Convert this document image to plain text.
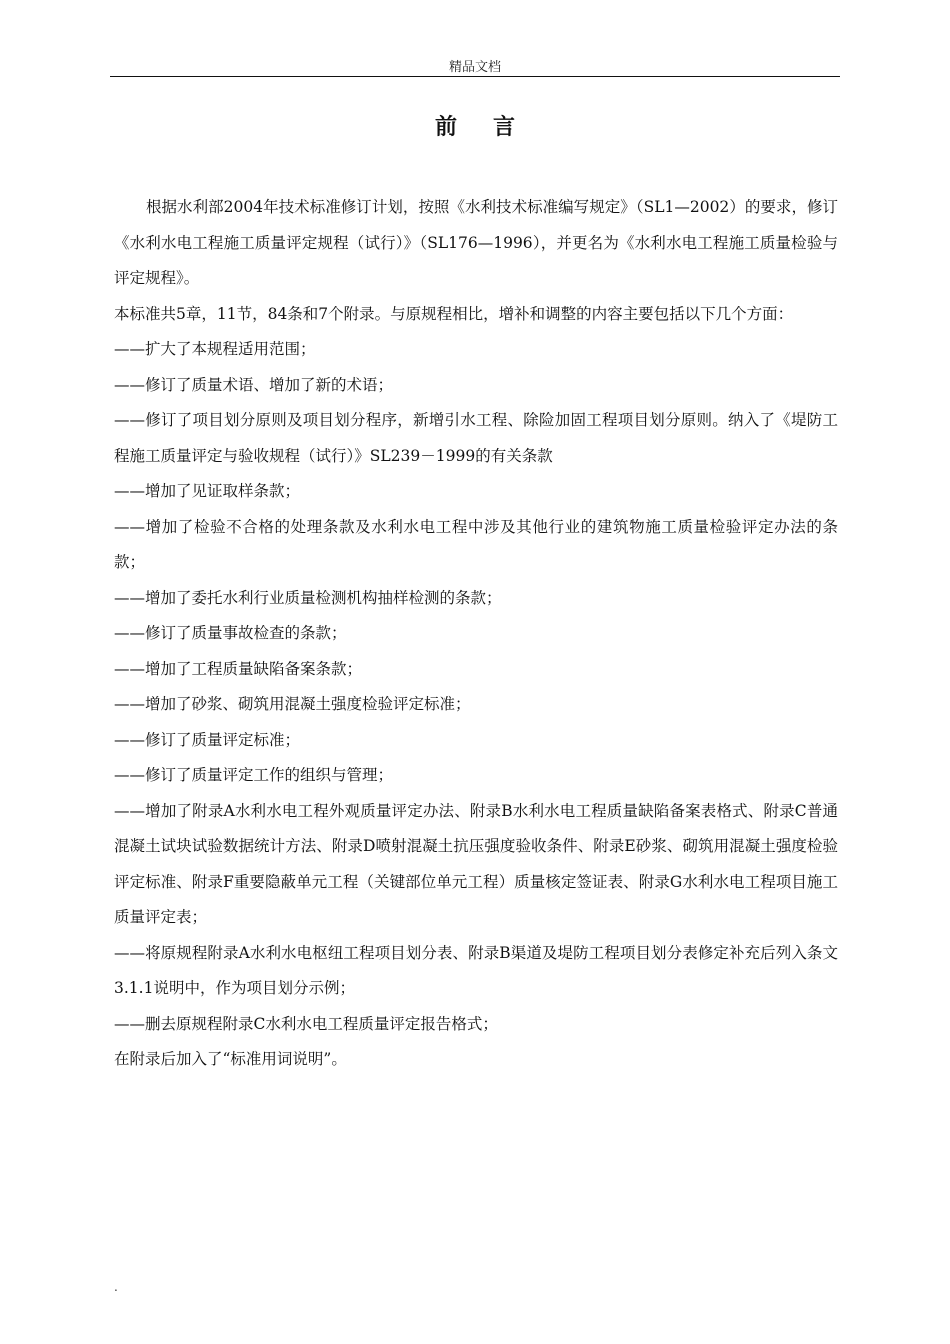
精品文档
前言

根据水利部2004年技术标准修订计划，按照《水利技术标准编写规定》（SL1—2002）的要求，修订《水利水电工程施工质量评定规程（试行）》（SL176—1996），并更名为《水利水电工程施工质量检验与评定规程》。

本标准共5章，11节，84条和7个附录。与原规程相比，增补和调整的内容主要包括以下几个方面：

——扩大了本规程适用范围；

——修订了质量术语、增加了新的术语；

——修订了项目划分原则及项目划分程序，新增引水工程、除险加固工程项目划分原则。纳入了《堤防工程施工质量评定与验收规程（试行）》SL239－1999的有关条款

——增加了见证取样条款；

——增加了检验不合格的处理条款及水利水电工程中涉及其他行业的建筑物施工质量检验评定办法的条款；

——增加了委托水利行业质量检测机构抽样检测的条款；

——修订了质量事故检查的条款；

——增加了工程质量缺陷备案条款；

——增加了砂浆、砌筑用混凝土强度检验评定标准；

——修订了质量评定标准；

——修订了质量评定工作的组织与管理；

——增加了附录A水利水电工程外观质量评定办法、附录B水利水电工程质量缺陷备案表格式、附录C普通混凝土试块试验数据统计方法、附录D喷射混凝土抗压强度验收条件、附录E砂浆、砌筑用混凝土强度检验评定标准、附录F重要隐蔽单元工程（关键部位单元工程）质量核定签证表、附录G水利水电工程项目施工质量评定表；

——将原规程附录A水利水电枢纽工程项目划分表、附录B渠道及堤防工程项目划分表修定补充后列入条文3.1.1说明中，作为项目划分示例；

——删去原规程附录C水利水电工程质量评定报告格式；

在附录后加入了“标准用词说明”。

.
